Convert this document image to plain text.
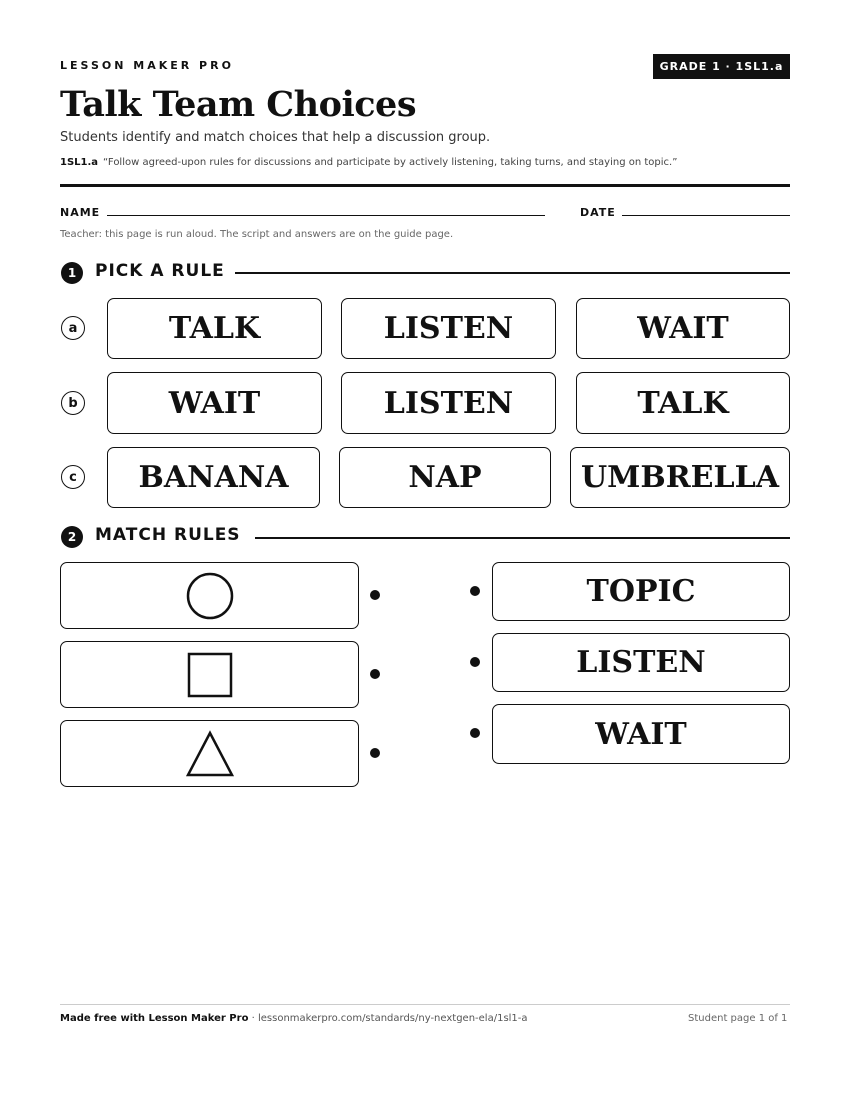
LESSON MAKER PRO	GRADE 1 · 1SL1.a
Talk Team Choices
Students identify and match choices that help a discussion group.
1SL1.a “Follow agreed-upon rules for discussions and participate by actively listening, taking turns, and staying on topic.”
NAME	DATE
Teacher: this page is run aloud. The script and answers are on the guide page.
1	PICK A RULE
a	TALK	LISTEN	WAIT
b	WAIT	LISTEN	TALK
c	BANANA	NAP	UMBRELLA
2	MATCH RULES
TOPIC
LISTEN
WAIT
Made free with Lesson Maker Pro · lessonmakerpro.com/standards/ny-nextgen-ela/1sl1-a	Student page 1 of 1
